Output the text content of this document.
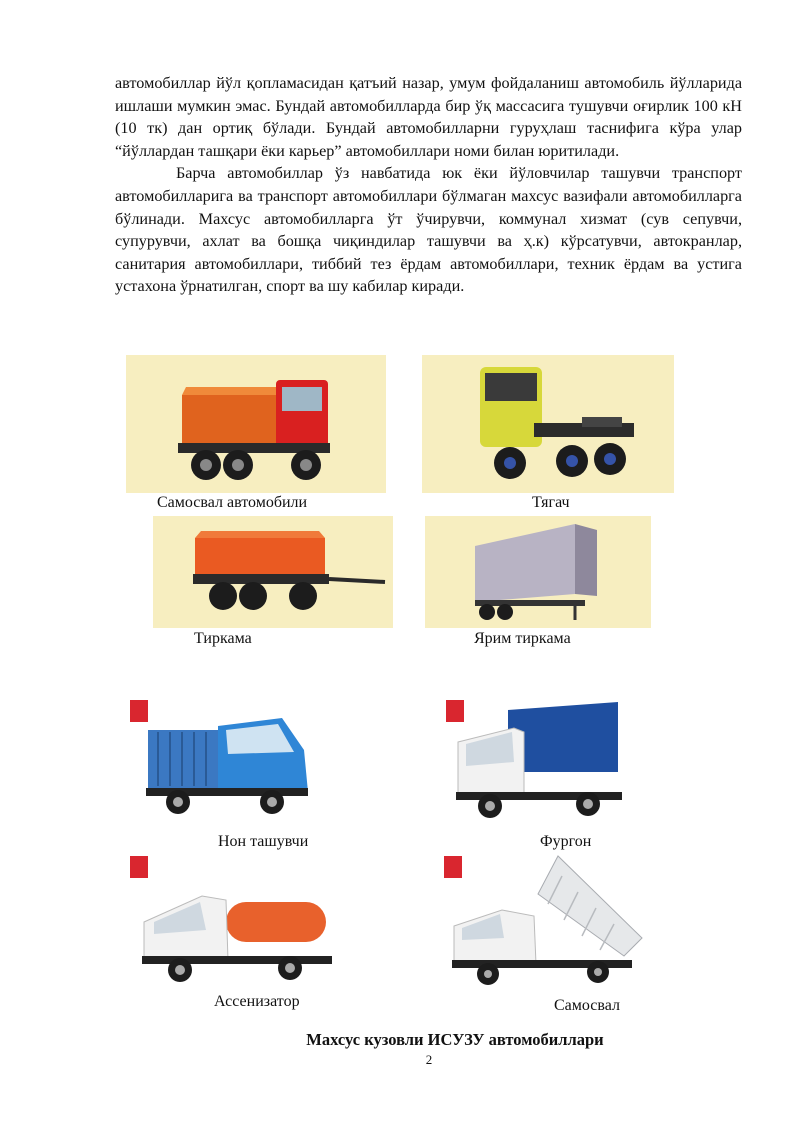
автомобиллар йўл қопламасидан қатъий назар, умум фойдаланиш автомобиль йўлларида ишлаши мумкин эмас. Бундай автомобилларда бир ўқ массасига тушувчи оғирлик 100 кН (10 тк) дан ортиқ бўлади. Бундай автомобилларни гуруҳлаш таснифига кўра улар “йўллардан ташқари ёки карьер” автомобиллари номи билан юритилади.

Барча автомобиллар ўз навбатида юк ёки йўловчилар ташувчи транспорт автомобилларига ва транспорт автомобиллари бўлмаган махсус вазифали автомобилларга бўлинади. Махсус автомобилларга ўт ўчирувчи, коммунал хизмат (сув сепувчи, супурувчи, ахлат ва бошқа чиқиндилар ташувчи ва ҳ.к) кўрсатувчи, автокранлар, санитария автомобиллари, тиббий тез ёрдам автомобиллари, техник ёрдам ва устига устахона ўрнатилган, спорт ва шу кабилар киради.

Самосвал автомобили	Тягач
Тиркама	Ярим тиркама
Нон ташувчи	Фургон
Ассенизатор	Самосвал
Махсус кузовли ИСУЗУ автомобиллари
2
